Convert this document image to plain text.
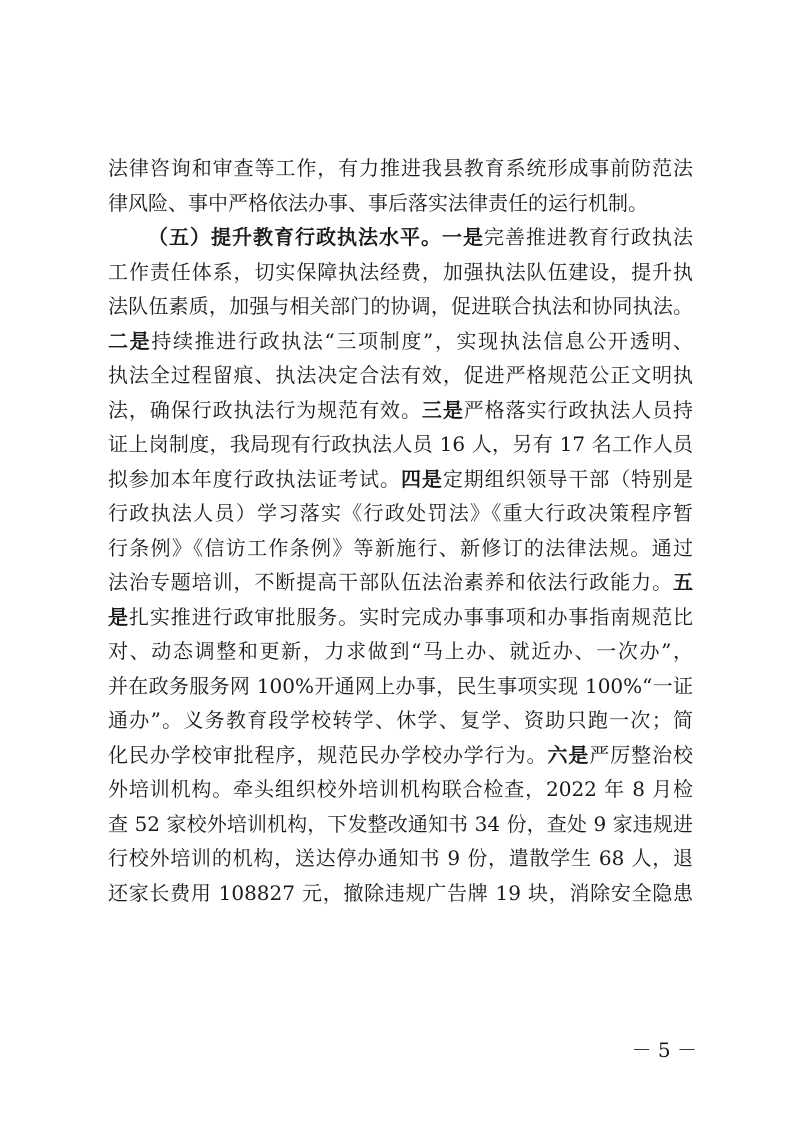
法律咨询和审查等工作，有力推进我县教育系统形成事前防范法
律风险、事中严格依法办事、事后落实法律责任的运行机制。
（五）提升教育行政执法水平。一是完善推进教育行政执法
工作责任体系，切实保障执法经费，加强执法队伍建设，提升执
法队伍素质，加强与相关部门的协调，促进联合执法和协同执法。
二是持续推进行政执法“三项制度”，实现执法信息公开透明、
执法全过程留痕、执法决定合法有效，促进严格规范公正文明执
法，确保行政执法行为规范有效。三是严格落实行政执法人员持
证上岗制度，我局现有行政执法人员 16 人，另有 17 名工作人员
拟参加本年度行政执法证考试。四是定期组织领导干部（特别是
行政执法人员）学习落实《行政处罚法》《重大行政决策程序暂
行条例》《信访工作条例》等新施行、新修订的法律法规。通过
法治专题培训，不断提高干部队伍法治素养和依法行政能力。五
是扎实推进行政审批服务。实时完成办事事项和办事指南规范比
对、动态调整和更新，力求做到“马上办、就近办、一次办”，
并在政务服务网 100%开通网上办事，民生事项实现 100%“一证
通办”。义务教育段学校转学、休学、复学、资助只跑一次；简
化民办学校审批程序，规范民办学校办学行为。六是严厉整治校
外培训机构。牵头组织校外培训机构联合检查，2022 年 8 月检
查 52 家校外培训机构，下发整改通知书 34 份，查处 9 家违规进
行校外培训的机构，送达停办通知书 9 份，遣散学生 68 人，退
还家长费用 108827 元，撤除违规广告牌 19 块，消除安全隐患
－ 5 －
